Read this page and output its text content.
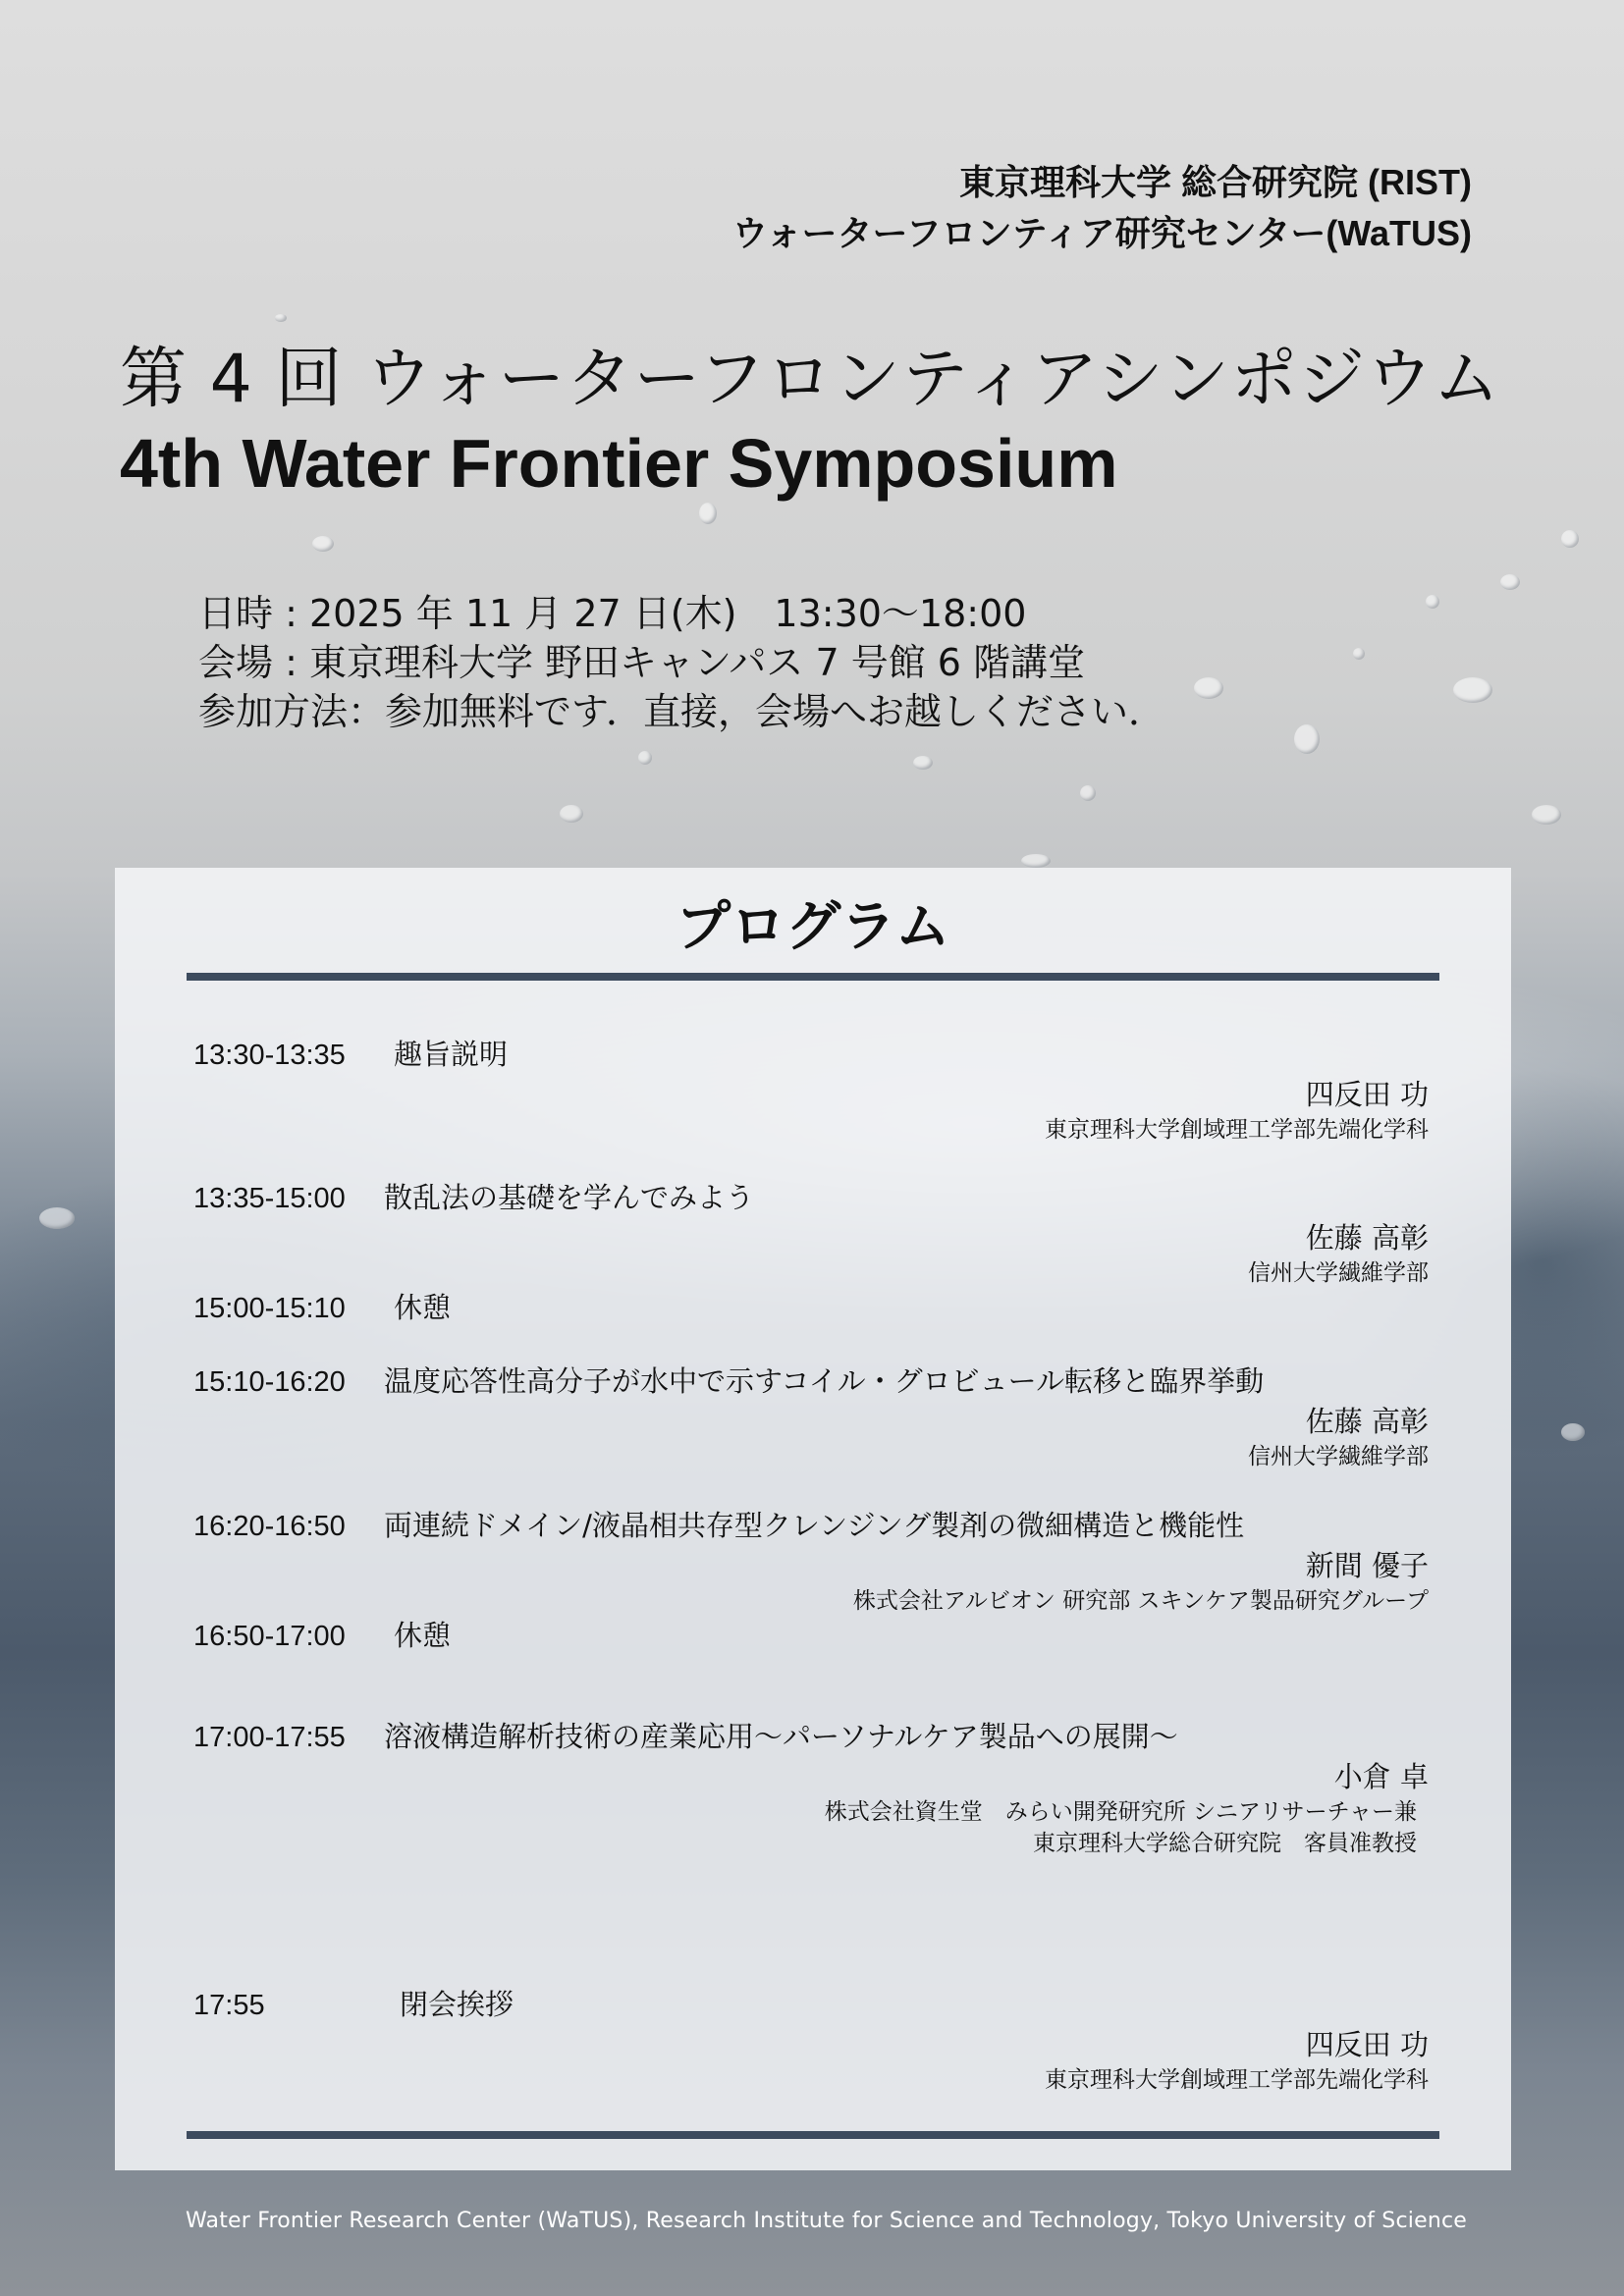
東京理科大学 総合研究院 (RIST)
ウォーターフロンティア研究センター(WaTUS)
第 4 回 ウォーターフロンティアシンポジウム
4th Water Frontier Symposium
日時 : 2025 年 11 月 27 日(木)　13:30〜18:00
会場 : 東京理科大学 野田キャンパス 7 号館 6 階講堂
参加方法：参加無料です．直接，会場へお越しください．
プログラム
13:30-13:35 趣旨説明
四反田 功
東京理科大学創域理工学部先端化学科
13:35-15:00 散乱法の基礎を学んでみよう
佐藤 高彰
信州大学繊維学部
15:00-15:10 休憩
15:10-16:20 温度応答性高分子が水中で示すコイル・グロビュール転移と臨界挙動
佐藤 高彰
信州大学繊維学部
16:20-16:50 両連続ドメイン/液晶相共存型クレンジング製剤の微細構造と機能性
新間 優子
株式会社アルビオン 研究部 スキンケア製品研究グループ
16:50-17:00 休憩
17:00-17:55 溶液構造解析技術の産業応用〜パーソナルケア製品への展開〜
小倉 卓
株式会社資生堂　みらい開発研究所 シニアリサーチャー兼
東京理科大学総合研究院　客員准教授
17:55	閉会挨拶
四反田 功
東京理科大学創域理工学部先端化学科
Water Frontier Research Center (WaTUS), Research Institute for Science and Technology, Tokyo University of Science
